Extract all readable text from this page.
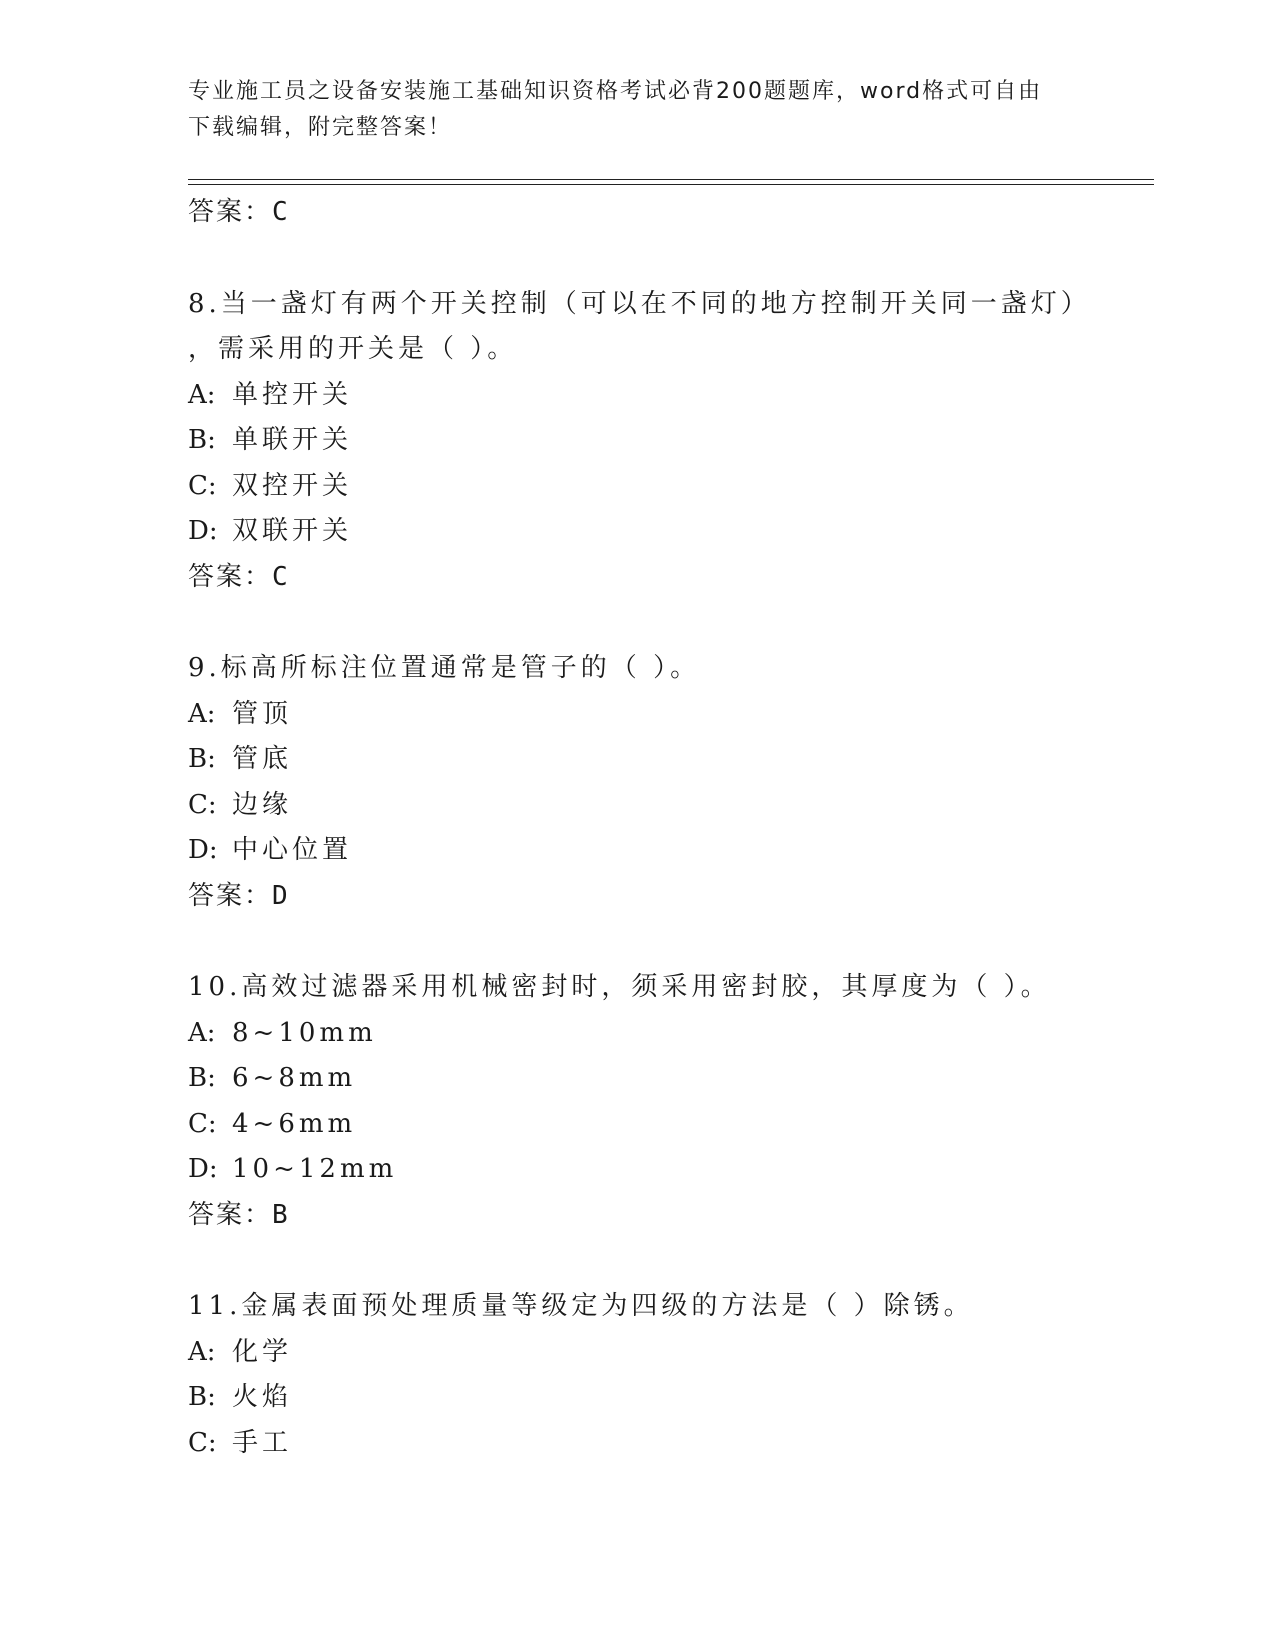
专业施工员之设备安装施工基础知识资格考试必背200题题库，word格式可自由
下载编辑，附完整答案！
答案：C
8.当一盏灯有两个开关控制（可以在不同的地方控制开关同一盏灯）
，需采用的开关是（ ）。
A: 单控开关
B: 单联开关
C: 双控开关
D: 双联开关
答案：C
9.标高所标注位置通常是管子的（ ）。
A: 管顶
B: 管底
C: 边缘
D: 中心位置
答案：D
10.高效过滤器采用机械密封时，须采用密封胶，其厚度为（ ）。
A: 8~10mm
B: 6~8mm
C: 4~6mm
D: 10~12mm
答案：B
11.金属表面预处理质量等级定为四级的方法是（ ）除锈。
A: 化学
B: 火焰
C: 手工
